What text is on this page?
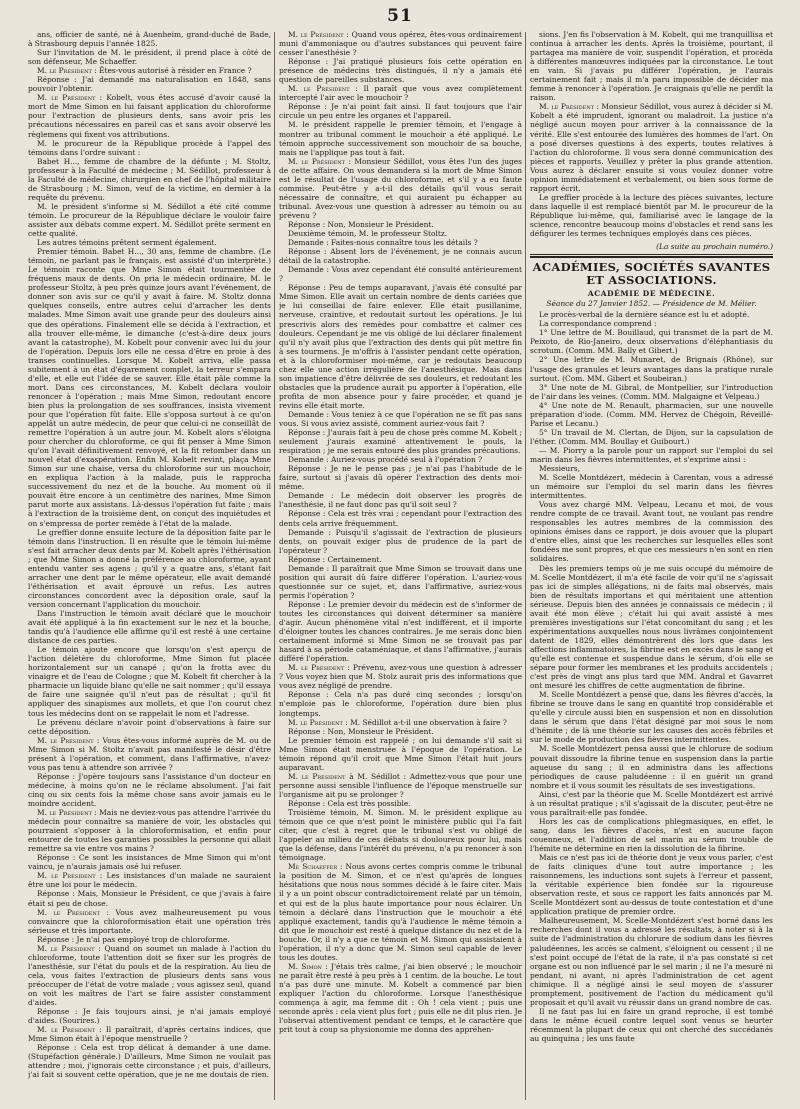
51

ans, officier de santé, né à Auenheim, grand-duché de Bade, à Strasbourg depuis l'année 1825.

Sur l'invitation de M. le président, il prend place à côté de son défenseur, Me Schaeffer.

M. le Président : Êtes-vous autorisé à résider en France ?

Réponse : J'ai demandé ma naturalisation en 1848, sans pouvoir l'obtenir.

M. le Président : Kobelt, vous êtes accusé d'avoir causé la mort de Mme Simon en lui faisant application du chloroforme pour l'extraction de plusieurs dents, sans avoir pris les précautions nécessaires en pareil cas et sans avoir observé les règlemens qui fixent vos attributions.

M. le procureur de la République procède à l'appel des témoins dans l'ordre suivant :

Babet H..., femme de chambre de la défunte ; M. Stoltz, professeur à la Faculté de médecine ; M. Sédillot, professeur à la Faculté de médecine, chirurgien en chef de l'hôpital militaire de Strasbourg ; M. Simon, veuf de la victime, en dernier à la requête du prévenu.

M. le président s'informe si M. Sédillot a été cité comme témoin. Le procureur de la République déclare le vouloir faire assister aux débats comme expert. M. Sédillot prête serment en cette qualité.

Les autres témoins prêtent serment également.

Premier témoin. Babet H..., 30 ans, femme de chambre. (Le témoin, ne parlant pas le français, est assisté d'un interprète.) Le témoin raconte que Mme Simon était tourmentée de fréquens maux de dents. On pria le médecin ordinaire, M. le professeur Stoltz, à peu près quinze jours avant l'événement, de donner son avis sur ce qu'il y avait à faire. M. Stoltz donna quelques conseils, entre autres celui d'arracher les dents malades. Mme Simon avait une grande peur des douleurs ainsi que des opérations. Finalement elle se décida à l'extraction, et alla trouver elle-même, le dimanche (c'est-à-dire deux jours avant la catastrophe), M. Kobelt pour convenir avec lui du jour de l'opération. Depuis lors elle ne cessa d'être en proie à des transes continuelles. Lorsque M. Kobelt arriva, elle passa subitement à un état d'égarement complet, la terreur s'empara d'elle, et elle eut l'idée de se sauver. Elle était pâle comme la mort. Dans ces circonstances, M. Kobelt déclara vouloir renoncer à l'opération ; mais Mme Simon, redoutant encore bien plus la prolongation de ses souffrances, insista vivement pour que l'opération fût faite. Elle s'opposa surtout à ce qu'on appelât un autre médecin, de peur que celui-ci ne conseillât de remettre l'opération à un autre jour. M. Kobelt alors s'éloigna pour chercher du chloroforme, ce qui fit penser à Mme Simon qu'on l'avait définitivement renvoyé, et la fit retomber dans un nouvel état d'exaspération. Enfin M. Kobelt revint, plaça Mme Simon sur une chaise, versa du chloroforme sur un mouchoir, en expliqua l'action à la malade, puis le rapprocha successivement du nez et de la bouche. Au moment où il pouvait être encore à un centimètre des narines, Mme Simon parut morte aux assistans. Là-dessus l'opération fut faite ; mais à l'extraction de la troisième dent, on conçut des inquiétudes et on s'empressa de porter remède à l'état de la malade.

Le greffier donne ensuite lecture de la déposition faite par le témoin dans l'instruction. Il en résulte que le témoin lui-même s'est fait arracher deux dents par M. Kobelt après l'éthérisation ; que Mme Simon a donné la préférence au chloroforme, ayant entendu vanter ses agens ; qu'il y a quatre ans, s'étant fait arracher une dent par le même opérateur, elle avait demandé l'éthérisation et avait éprouvé un refus. Les autres circonstances concordent avec la déposition orale, sauf la version concernant l'application du mouchoir.

Dans l'instruction le témoin avait déclaré que le mouchoir avait été appliqué à la fin exactement sur le nez et la bouche, tandis qu'à l'audience elle affirme qu'il est resté à une certaine distance de ces parties.

Le témoin ajoute encore que lorsqu'on s'est aperçu de l'action délétère du chloroforme, Mme Simon fut placée horizontalement sur un canapé ; qu'on la frotta avec du vinaigre et de l'eau de Cologne ; que M. Kobelt fit chercher à la pharmacie un liquide blanc qu'elle ne sait nommer ; qu'il essaya de faire une saignée qu'il n'eut pas de résultat ; qu'il fit appliquer des sinapismes aux mollets, et que l'on courut chez tous les médecins dont on se rappelait le nom et l'adresse.

Le prévenu déclare n'avoir point d'observations à faire sur cette déposition.

M. le Président : Vous êtes-vous informé auprès de M. ou de Mme Simon si M. Stoltz n'avait pas manifesté le désir d'être présent à l'opération, et comment, dans l'affirmative, n'avez-vous pas tenu à attendre son arrivée ?

Réponse : J'opère toujours sans l'assistance d'un docteur en médecine, à moins qu'on ne le réclame absolument. J'ai fait cinq ou six cents fois la même chose sans avoir jamais eu le moindre accident.

M. le Président : Mais ne deviez-vous pas attendre l'arrivée du médecin pour connaître sa manière de voir, les obstacles qui pourraient s'opposer à la chloroformisation, et enfin pour entourer de toutes les garanties possibles la personne qui allait remettre sa vie entre vos mains ?

Réponse : Ce sont les insistances de Mme Simon qui m'ont vaincu, je n'aurais jamais osé lui refuser.

M. le Président : Les insistances d'un malade ne sauraient être une loi pour le médecin.

Réponse : Mais, Monsieur le Président, ce que j'avais à faire était si peu de chose.

M. le Président : Vous avez malheureusement pu vous convaincre que la chloroformisation était une opération très sérieuse et très importante.

Réponse : Je n'ai pas employé trop de chloroforme.

M. le Président : Quand on soumet un malade à l'action du chloroforme, toute l'attention doit se fixer sur les progrès de l'anesthésie, sur l'état du pouls et de la respiration. Au lieu de cela, vous faites l'extraction de plusieurs dents sans vous préoccuper de l'état de votre malade ; vous agissez seul, quand on voit les maîtres de l'art se faire assister constamment d'aides.

Réponse : Je fais toujours ainsi, je n'ai jamais employé d'aides. (Sourires.)

M. le Président : Il paraîtrait, d'après certains indices, que Mme Simon était à l'époque menstruelle ?

Réponse : Cela est trop délicat à demander à une dame. (Stupéfaction générale.) D'ailleurs, Mme Simon ne voulait pas attendre ; moi, j'ignorais cette circonstance ; et puis, d'ailleurs, j'ai fait si souvent cette opération, que je ne me doutais de rien.

M. le Président : Quand vous opérez, êtes-vous ordinairement muni d'ammoniaque ou d'autres substances qui peuvent faire cesser l'anesthésie ?

Réponse : J'ai pratiqué plusieurs fois cette opération en présence de médecins très distingués, il n'y a jamais été question de pareilles substances.

M. le Président : Il paraît que vous avez complètement intercepté l'air avec le mouchoir ?

Réponse : Je n'ai point fait ainsi. Il faut toujours que l'air circule un peu entre les organes et l'appareil.

M. le président rappelle le premier témoin, et l'engage à montrer au tribunal comment le mouchoir a été appliqué. Le témoin approche successivement son mouchoir de sa bouche, mais ne l'applique pas tout à fait.

M. le Président : Monsieur Sédillot, vous êtes l'un des juges de cette affaire. On vous demandera si la mort de Mme Simon est le résultat de l'usage du chloroforme, et s'il y a eu faute commise. Peut-être y a-t-il des détails qu'il vous serait nécessaire de connaître, et qui auraient pu échapper au tribunal. Avez-vous une question à adresser au témoin ou au prévenu ?

Réponse : Non, Monsieur le Président.

Deuxième témoin, M. le professeur Stoltz.

Demande : Faites-nous connaître tous les détails ?

Réponse : Absent lors de l'événement, je ne connais aucun détail de la catastrophe.

Demande : Vous avez cependant été consulté antérieurement ?

Réponse : Peu de temps auparavant, j'avais été consulté par Mme Simon. Elle avait un certain nombre de dents cariées que je lui conseillai de faire enlever. Elle était pusillanime, nerveuse, craintive, et redoutait surtout les opérations. Je lui prescrivis alors des remèdes pour combattre et calmer ces douleurs. Cependant je me vis obligé de lui déclarer finalement qu'il n'y avait plus que l'extraction des dents qui pût mettre fin à ses tourmens. Je m'offris à l'assister pendant cette opération, et à la chloroformiser moi-même, car je redoutais beaucoup chez elle une action irrégulière de l'anesthésique. Mais dans son impatience d'être délivrée de ses douleurs, et redoutant les obstacles que la prudence aurait pu apporter à l'opération, elle profita de mon absence pour y faire procéder, et quand je revins elle était morte.

Demande : Vous teniez à ce que l'opération ne se fît pas sans vous. Si vous aviez assisté, comment auriez-vous fait ?

Réponse : J'aurais fait à peu de chose près comme M. Kobelt ; seulement j'aurais examiné attentivement le pouls, la respiration ; je me serais entouré des plus grandes précautions.

Demande : Auriez-vous procédé seul à l'opération ?

Réponse : Je ne le pense pas ; je n'ai pas l'habitude de le faire, surtout si j'avais dû opérer l'extraction des dents moi-même.

Demande : Le médecin doit observer les progrès de l'anesthésie, il ne faut donc pas qu'il soit seul ?

Réponse : Cela est très vrai ; cependant pour l'extraction des dents cela arrive fréquemment.

Demande : Puisqu'il s'agissait de l'extraction de plusieurs dents, on pouvait exiger plus de prudence de la part de l'opérateur ?

Réponse : Certainement.

Demande : Il paraîtrait que Mme Simon se trouvait dans une position qui aurait dû faire différer l'opération. L'auriez-vous questionnée sur ce sujet, et, dans l'affirmative, auriez-vous permis l'opération ?

Réponse : Le premier devoir du médecin est de s'informer de toutes les circonstances qui doivent déterminer sa manière d'agir. Aucun phénomène vital n'est indifférent, et il importe d'éloigner toutes les chances contraires. Je me serais donc bien certainement informé si Mme Simon ne se trouvait pas par hasard à sa période cataméniaque, et dans l'affirmative, j'aurais différé l'opération.

M. le Président : Prévenu, avez-vous une question à adresser ? Vous voyez bien que M. Stolz aurait pris des informations que vous avez négligé de prendre.

Réponse : Cela n'a pas duré cinq secondes ; lorsqu'on n'emploie pas le chloroforme, l'opération dure bien plus longtemps.

M. le Président : M. Sédillot a-t-il une observation à faire ?

Réponse : Non, Monsieur le Président.

Le premier témoin est rappelé ; on lui demande s'il sait si Mme Simon était menstruée à l'époque de l'opération. Le témoin répond qu'il croit que Mme Simon l'était huit jours auparavant.

M. le Président à M. Sédillot : Admettez-vous que pour une personne aussi sensible l'influence de l'époque menstruelle sur l'organisme ait pu se prolonger ?

Réponse : Cela est très possible.

Troisième témoin, M. Simon. M. le président explique au témoin que ce que n'est point le ministère public qui l'a fait citer, que c'est à regret que le tribunal s'est vu obligé de l'appeler au milieu de ces débats si douloureux pour lui, mais que la défense, dans l'intérêt du prévenu, n'a pu renoncer à son témoignage.

Me Schaeffer : Nous avons certes compris comme le tribunal la position de M. Simon, et ce n'est qu'après de longues hésitations que nous nous sommes décidé à le faire citer. Mais il y a un point obscur contradictoirement relaté par un témoin, et qui est de la plus haute importance pour nous éclairer. Un témoin a déclaré dans l'instruction que le mouchoir a été appliqué exactement, tandis qu'à l'audience le même témoin a dit que le mouchoir est resté à quelque distance du nez et de la bouche. Or, il n'y a que ce témoin et M. Simon qui assistaient à l'opération, il n'y a donc que M. Simon seul capable de lever tous les doutes.

M. Simon : J'étais très calme, j'ai bien observé ; le mouchoir ne paraît être resté à peu près à 1 centim. de la bouche. Le tout n'a pas duré une minute. M. Kobelt a commencé par bien expliquer l'action du chloroforme. Lorsque l'anesthésique commença à agir, ma femme dit : Oh ! cela vient ; puis une seconde après : cela vient plus fort ; puis elle ne dit plus rien. Je l'observai attentivement pendant ce temps, et le caractère que prit tout à coup sa physionomie me donna des appréhen-

sions. J'en fis l'observation à M. Kobelt, qui me tranquillisa et continua à arracher les dents. Après la troisième, pourtant, il partagea ma manière de voir, suspendit l'opération, et procéda à différentes manœuvres indiquées par la circonstance. Le tout en vain. Si j'avais pu différer l'opération, je l'aurais certainement fait ; mais il m'a paru impossible de décider ma femme à renoncer à l'opération. Je craignais qu'elle ne perdît la raison.

M. le Président : Monsieur Sédillot, vous aurez à décider si M. Kobelt a été imprudent, ignorant ou maladroit. La justice n'a négligé aucun moyen pour arriver à la connaissance de la vérité. Elle s'est entourée des lumières des hommes de l'art. On a posé diverses questions à des experts, toutes relatives à l'action du chloroforme. Il vous sera donné communication des pièces et rapports. Veuillez y prêter la plus grande attention. Vous aurez à déclarer ensuite si vous voulez donner votre opinion immédiatement et verbalement, ou bien sous forme de rapport écrit.

Le greffier procède à la lecture des pièces suivantes, lecture dans laquelle il est remplacé bientôt par M. le procureur de la République lui-même, qui, familiarisé avec le langage de la science, rencontre beaucoup moins d'obstacles et rend sans les défigurer les termes techniques employés dans ces pièces.

(La suite au prochain numéro.)
ACADÉMIES, SOCIÉTÉS SAVANTES ET ASSOCIATIONS.
ACADÉMIE DE MÉDECINE.
Séance du 27 Janvier 1852. — Présidence de M. Mélier.

Le procès-verbal de la dernière séance est lu et adopté.

La correspondance comprend :

1° Une lettre de M. Bouillaud, qui transmet de la part de M. Peixoto, de Rio-Janeiro, deux observations d'éléphantiasis du scrotum. (Comm. MM. Bally et Gibert.)

2° Une lettre de M. Munaret, de Brignais (Rhône), sur l'usage des granules et leurs avantages dans la pratique rurale surtout. (Com. MM. Gibert et Soubeiran.)

3° Une note de M. Gibral, de Montpellier, sur l'introduction de l'air dans les veines. (Comm. MM. Malgaigne et Velpeau.)

4° Une note de M. Renault, pharmacien, sur une nouvelle préparation d'iode. (Comm. MM. Hervez de Chégoin, Réveillé-Parise et Lecanu.)

5° Un travail de M. Clertan, de Dijon, sur la capsulation de l'éther. (Comm. MM. Boullay et Guibourt.)

— M. Piorry a la parole pour un rapport sur l'emploi du sel marin dans les fièvres intermittentes, et s'exprime ainsi :

Messieurs,

M. Scelle Montdézert, médecin à Carentan, vous a adressé un mémoire sur l'emploi du sel marin dans les fièvres intermittentes.

Vous avez chargé MM. Velpeau, Lecanu et moi, de vous rendre compte de ce travail. Avant tout, ne voulant pas rendre responsables les autres membres de la commission des opinions émises dans ce rapport, je dois avouer que la plupart d'entre elles, ainsi que les recherches sur lesquelles elles sont fondées me sont propres, et que ces messieurs n'en sont en rien solidaires.

Dès les premiers temps où je me suis occupé du mémoire de M. Scelle Montdézert, il m'a été facile de voir qu'il ne s'agissait pas ici de simples allégations, ni de faits mal observés, mais bien de résultats importans et qui méritaient une attention sérieuse. Depuis bien des années je connaissais ce médecin ; il avait été mon élève ; c'était lui qui avait assisté à mes premières investigations sur l'état concomitant du sang ; et les expérimentations auxquelles nous nous livrâmes conjointement datent de 1829, elles démontrèrent dès lors que dans les affections inflammatoires, la fibrine est en excès dans le sang et qu'elle est contenue et suspendue dans le sérum, d'où elle se sépare pour former les membranes et les produits accidentels ; c'est près de vingt ans plus tard que MM. Andral et Gavarret ont mesuré les chiffres de cette augmentation de fibrine.

M. Scelle Montdézert a pensé que, dans les fièvres d'accès, la fibrine se trouve dans le sang en quantité trop considérable et qu'elle y circule aussi bien en suspension et non en dissolution dans le sérum que dans l'état désigné par moi sous le nom d'hémite ; de là une théorie sur les causes des accès fébriles et sur le mode de production des fièvres intermittentes.

M. Scelle Montdézert pensa aussi que le chlorure de sodium pouvait dissoudre la fibrine tenue en suspension dans la partie aqueuse du sang ; il en administra dans les affections périodiques de cause paludéenne : il en guérit un grand nombre et il vous soumit les résultats de ses investigations.

Ainsi, c'est par la théorie que M. Scelle Montdézert est arrivé à un résultat pratique ; s'il s'agissait de la discuter, peut-être ne vous paraîtrait-elle pas fondée.

Hors les cas de complications phlegmasiques, en effet, le sang, dans les fièvres d'accès, n'est en aucune façon couenneux, et l'addition de sel marin au sérum trouble de l'hémite ne détermine en rien la dissolution de la fibrine.

Mais ce n'est pas ici de théorie dont je veux vous parler, c'est de faits cliniques d'une tout autre importance ; les raisonnemens, les inductions sont sujets à l'erreur et passent, la véritable expérience bien fondée sur la rigoureuse observation reste, et sous ce rapport les faits annoncés par M. Scelle Montdézert sont au-dessus de toute contestation et d'une application pratique de premier ordre.

Malheureusement, M. Scelle-Montdézert s'est borné dans les recherches dont il vous a adressé les résultats, à noter si à la suite de l'administration du chlorure de sodium dans les fièvres paludéennes, les accès se calment, s'éloignent ou cessent ; il ne s'est point occupé de l'état de la rate, il n'a pas constaté si cet organe est ou non influencé par le sel marin ; il ne l'a mesuré ni pendant, ni avant, ni après l'administration de cet agent chimique. Il a négligé ainsi le seul moyen de s'assurer promptement, positivement de l'action du médicament qu'il proposait et qu'il avait vu réussir dans un grand nombre de cas.

Il ne faut pas lui en faire un grand reproche, il est tombé dans le même écueil contre lequel sont venus se heurter récemment la plupart de ceux qui ont cherché des succédanés au quinquina ; les uns faute
